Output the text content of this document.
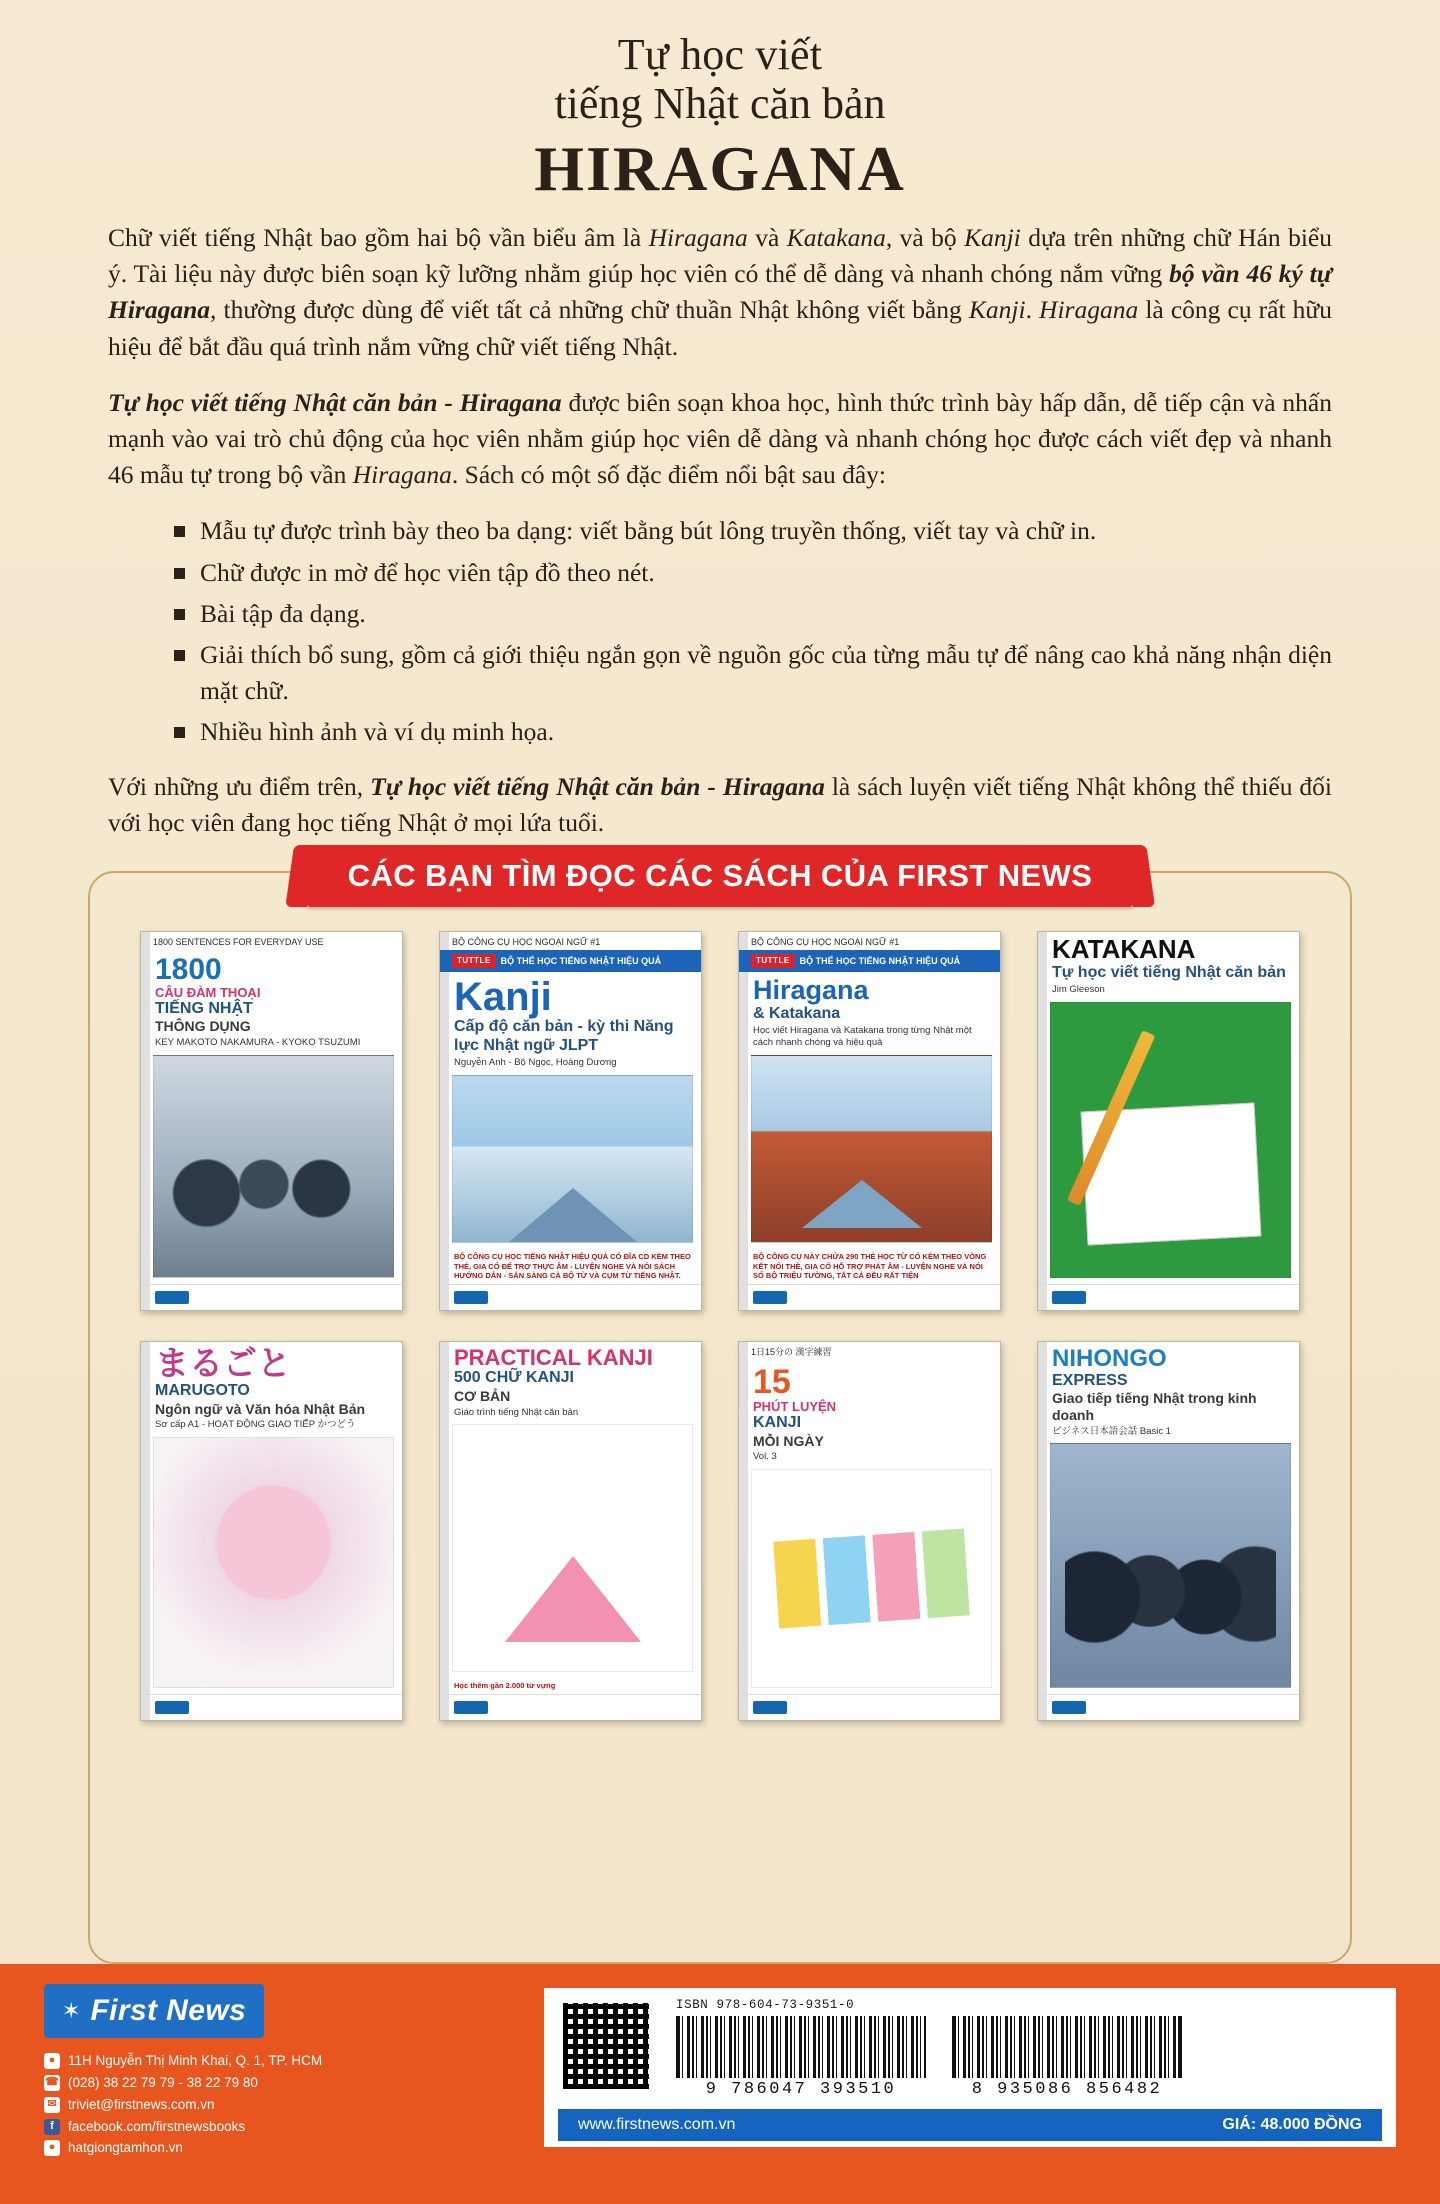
Tự học viết
tiếng Nhật căn bản
HIRAGANA

Chữ viết tiếng Nhật bao gồm hai bộ vần biểu âm là Hiragana và Katakana, và bộ Kanji dựa trên những chữ Hán biểu ý. Tài liệu này được biên soạn kỹ lưỡng nhằm giúp học viên có thể dễ dàng và nhanh chóng nắm vững bộ vần 46 ký tự Hiragana, thường được dùng để viết tất cả những chữ thuần Nhật không viết bằng Kanji. Hiragana là công cụ rất hữu hiệu để bắt đầu quá trình nắm vững chữ viết tiếng Nhật.

Tự học viết tiếng Nhật căn bản - Hiragana được biên soạn khoa học, hình thức trình bày hấp dẫn, dễ tiếp cận và nhấn mạnh vào vai trò chủ động của học viên nhằm giúp học viên dễ dàng và nhanh chóng học được cách viết đẹp và nhanh 46 mẫu tự trong bộ vần Hiragana. Sách có một số đặc điểm nổi bật sau đây:

Mẫu tự được trình bày theo ba dạng: viết bằng bút lông truyền thống, viết tay và chữ in.
Chữ được in mờ để học viên tập đồ theo nét.
Bài tập đa dạng.
Giải thích bổ sung, gồm cả giới thiệu ngắn gọn về nguồn gốc của từng mẫu tự để nâng cao khả năng nhận diện mặt chữ.
Nhiều hình ảnh và ví dụ minh họa.

Với những ưu điểm trên, Tự học viết tiếng Nhật căn bản - Hiragana là sách luyện viết tiếng Nhật không thể thiếu đối với học viên đang học tiếng Nhật ở mọi lứa tuổi.

CÁC BẠN TÌM ĐỌC CÁC SÁCH CỦA FIRST NEWS
1800 SENTENCES FOR EVERYDAY USE
1800
CÂU ĐÀM THOẠI
TIẾNG NHẬT
THÔNG DỤNG
KEY MAKOTO NAKAMURA - KYOKO TSUZUMI
BỘ CÔNG CỤ HỌC NGOẠI NGỮ #1
TUTTLE	BỘ THỂ HỌC TIẾNG NHẬT HIỆU QUẢ
Kanji
Cấp độ căn bản - kỳ thi Năng lực Nhật ngữ JLPT
Nguyễn Anh - Bộ Ngọc, Hoàng Dương
BỘ CÔNG CỤ HỌC TIẾNG NHẬT HIỆU QUẢ CÓ ĐĨA CD KÈM THEO THẺ, GIA CỐ ĐỂ TRỢ THỰC ÂM - LUYỆN NGHE VÀ NÓI SÁCH HƯỚNG DẪN - SẴN SÀNG CÀ BỘ TỪ VÀ CỤM TỪ TIẾNG NHẬT.
BỘ CÔNG CỤ HỌC NGOẠI NGỮ #1
TUTTLE	BỘ THỂ HỌC TIẾNG NHẬT HIỆU QUẢ
Hiragana
& Katakana
Học viết Hiragana và Katakana trong từng Nhật một cách nhanh chóng và hiệu quả
BỘ CÔNG CỤ NÀY CHỨA 290 THẺ HỌC TỪ CÓ KÈM THEO VÒNG KẾT NỐI THẺ, GIA CỐ HỖ TRỢ PHÁT ÂM - LUYỆN NGHE VÀ NÓI SỐ BỘ TRIỆU TƯỜNG, TẤT CẢ ĐỀU RẤT TIỆN
KATAKANA
Tự học viết tiếng Nhật căn bản
Jim Gleeson
まるごと
MARUGOTO
Ngôn ngữ và Văn hóa Nhật Bản
Sơ cấp A1 - HOẠT ĐỘNG GIAO TIẾP かつどう
PRACTICAL KANJI
500 CHỮ KANJI
CƠ BẢN
Giáo trình tiếng Nhật căn bản
Học thêm gần 2.000 từ vựng
1日15分の 漢字練習
15
PHÚT LUYỆN
KANJI
MỖI NGÀY
Vol. 3
NIHONGO
EXPRESS
Giao tiếp tiếng Nhật trong kinh doanh
ビジネス日本語会話 Basic 1
✶ First News
● 11H Nguyễn Thị Minh Khai, Q. 1, TP. HCM
☎ (028) 38 22 79 79 - 38 22 79 80
✉ triviet@firstnews.com.vn
f	facebook.com/firstnewsbooks
● hatgiongtamhon.vn
ISBN 978-604-73-9351-0
9 786047 393510	8 935086 856482
www.firstnews.com.vn	GIÁ: 48.000 ĐỒNG
